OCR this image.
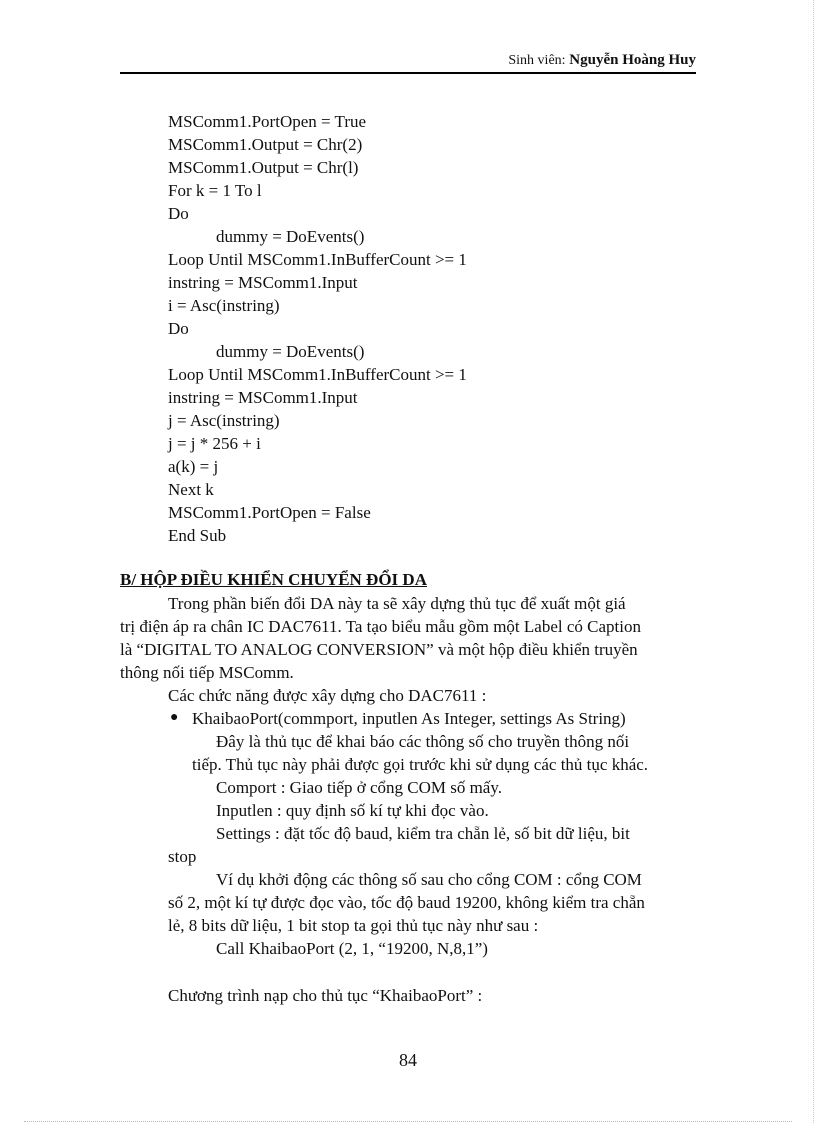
Sinh viên: Nguyễn Hoàng Huy
MSComm1.PortOpen = True
MSComm1.Output = Chr(2)
MSComm1.Output = Chr(l)
For k = 1 To l
Do
dummy = DoEvents()
Loop Until MSComm1.InBufferCount >= 1
instring = MSComm1.Input
i = Asc(instring)
Do
dummy = DoEvents()
Loop Until MSComm1.InBufferCount >= 1
instring = MSComm1.Input
j = Asc(instring)
j = j * 256 + i
a(k) = j
Next k
MSComm1.PortOpen = False
End Sub
B/ HỘP ĐIỀU KHIỂN CHUYỂN ĐỔI DA
Trong phần biến đổi DA này ta sẽ xây dựng thủ tục để xuất một giá
trị điện áp ra chân IC DAC7611. Ta tạo biểu mẫu gồm một Label có Caption
là “DIGITAL TO ANALOG CONVERSION” và một hộp điều khiển truyền
thông nối tiếp MSComm.
Các chức năng được xây dựng cho DAC7611 :
● KhaibaoPort(commport, inputlen As Integer, settings As String)
Đây là thủ tục để khai báo các thông số cho truyền thông nối
tiếp. Thủ tục này phải được gọi trước khi sử dụng các thủ tục khác.
Comport : Giao tiếp ở cổng COM số mấy.
Inputlen : quy định số kí tự khi đọc vào.
Settings : đặt tốc độ baud, kiểm tra chẵn lẻ, số bit dữ liệu, bit
stop
Ví dụ khởi động các thông số sau cho cổng COM : cổng COM
số 2, một kí tự được đọc vào, tốc độ baud 19200, không kiểm tra chẵn
lẻ, 8 bits dữ liệu, 1 bit stop ta gọi thủ tục này như sau :
Call KhaibaoPort (2, 1, “19200, N,8,1”)
Chương trình nạp cho thủ tục “KhaibaoPort” :
84
